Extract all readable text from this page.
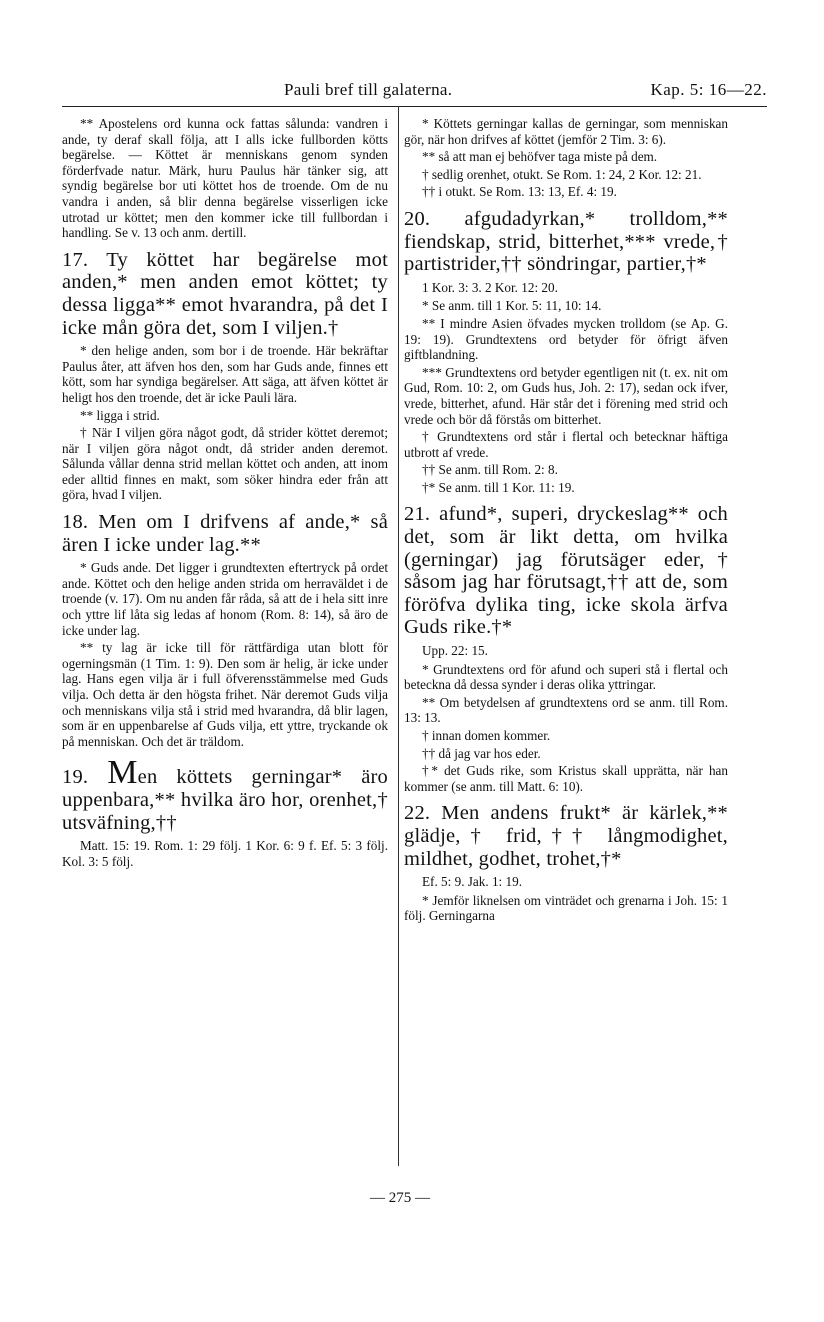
Pauli bref till galaterna.	Kap. 5: 16—22.

** Apostelens ord kunna ock fattas sålunda: vandren i ande, ty deraf skall följa, att I alls icke fullborden kötts begärelse. — Köttet är menniskans genom synden förderfvade natur. Märk, huru Paulus här tänker sig, att syndig begärelse bor uti köttet hos de troende. Om de nu vandra i anden, så blir denna begärelse visserligen icke utrotad ur köttet; men den kommer icke till fullbordan i handling. Se v. 13 och anm. dertill.

17. Ty köttet har begärelse mot anden,* men anden emot köttet; ty dessa ligga** emot hvarandra, på det I icke mån göra det, som I viljen.†

* den helige anden, som bor i de troende. Här bekräftar Paulus åter, att äfven hos den, som har Guds ande, finnes ett kött, som har syndiga begärelser. Att säga, att äfven köttet är heligt hos den troende, det är icke Pauli lära.

** ligga i strid.

† När I viljen göra något godt, då strider köttet deremot; när I viljen göra något ondt, då strider anden deremot. Sålunda vållar denna strid mellan köttet och anden, att inom eder alltid finnes en makt, som söker hindra eder från att göra, hvad I viljen.

18. Men om I drifvens af ande,* så ären I icke under lag.**

* Guds ande. Det ligger i grundtexten eftertryck på ordet ande. Köttet och den helige anden strida om herraväldet i de troende (v. 17). Om nu anden får råda, så att de i hela sitt inre och yttre lif låta sig ledas af honom (Rom. 8: 14), så äro de icke under lag.

** ty lag är icke till för rättfärdiga utan blott för ogerningsmän (1 Tim. 1: 9). Den som är helig, är icke under lag. Hans egen vilja är i full öfverensstämmelse med Guds vilja. Och detta är den högsta frihet. När deremot Guds vilja och menniskans vilja stå i strid med hvarandra, då blir lagen, som är en uppenbarelse af Guds vilja, ett yttre, tryckande ok på menniskan. Och det är träldom.

19. Men köttets gerningar* äro uppenbara,** hvilka äro hor, orenhet,† utsväfning,††

Matt. 15: 19. Rom. 1: 29 följ. 1 Kor. 6: 9 f. Ef. 5: 3 följ. Kol. 3: 5 följ.

* Köttets gerningar kallas de gerningar, som menniskan gör, när hon drifves af köttet (jemför 2 Tim. 3: 6).

** så att man ej behöfver taga miste på dem.

† sedlig orenhet, otukt. Se Rom. 1: 24, 2 Kor. 12: 21.

†† i otukt. Se Rom. 13: 13, Ef. 4: 19.

20. afgudadyrkan,* trolldom,** fiendskap, strid, bitterhet,*** vrede,† partistrider,†† söndringar, partier,†*

1 Kor. 3: 3. 2 Kor. 12: 20.

* Se anm. till 1 Kor. 5: 11, 10: 14.

** I mindre Asien öfvades mycken trolldom (se Ap. G. 19: 19). Grundtextens ord betyder för öfrigt äfven giftblandning.

*** Grundtextens ord betyder egentligen nit (t. ex. nit om Gud, Rom. 10: 2, om Guds hus, Joh. 2: 17), sedan ock ifver, vrede, bitterhet, afund. Här står det i förening med strid och vrede och bör då förstås om bitterhet.

† Grundtextens ord står i flertal och betecknar häftiga utbrott af vrede.

†† Se anm. till Rom. 2: 8.

†* Se anm. till 1 Kor. 11: 19.

21. afund*, superi, dryckeslag** och det, som är likt detta, om hvilka (gerningar) jag förutsäger eder,† såsom jag har förutsagt,†† att de, som föröfva dylika ting, icke skola ärfva Guds rike.†*

Upp. 22: 15.

* Grundtextens ord för afund och superi stå i flertal och beteckna då dessa synder i deras olika yttringar.

** Om betydelsen af grundtextens ord se anm. till Rom. 13: 13.

† innan domen kommer.

†† då jag var hos eder.

†* det Guds rike, som Kristus skall upprätta, när han kommer (se anm. till Matt. 6: 10).

22. Men andens frukt* är kärlek,** glädje,† frid,†† långmodighet, mildhet, godhet, trohet,†*

Ef. 5: 9. Jak. 1: 19.

* Jemför liknelsen om vinträdet och grenarna i Joh. 15: 1 följ. Gerningarna

— 275 —
